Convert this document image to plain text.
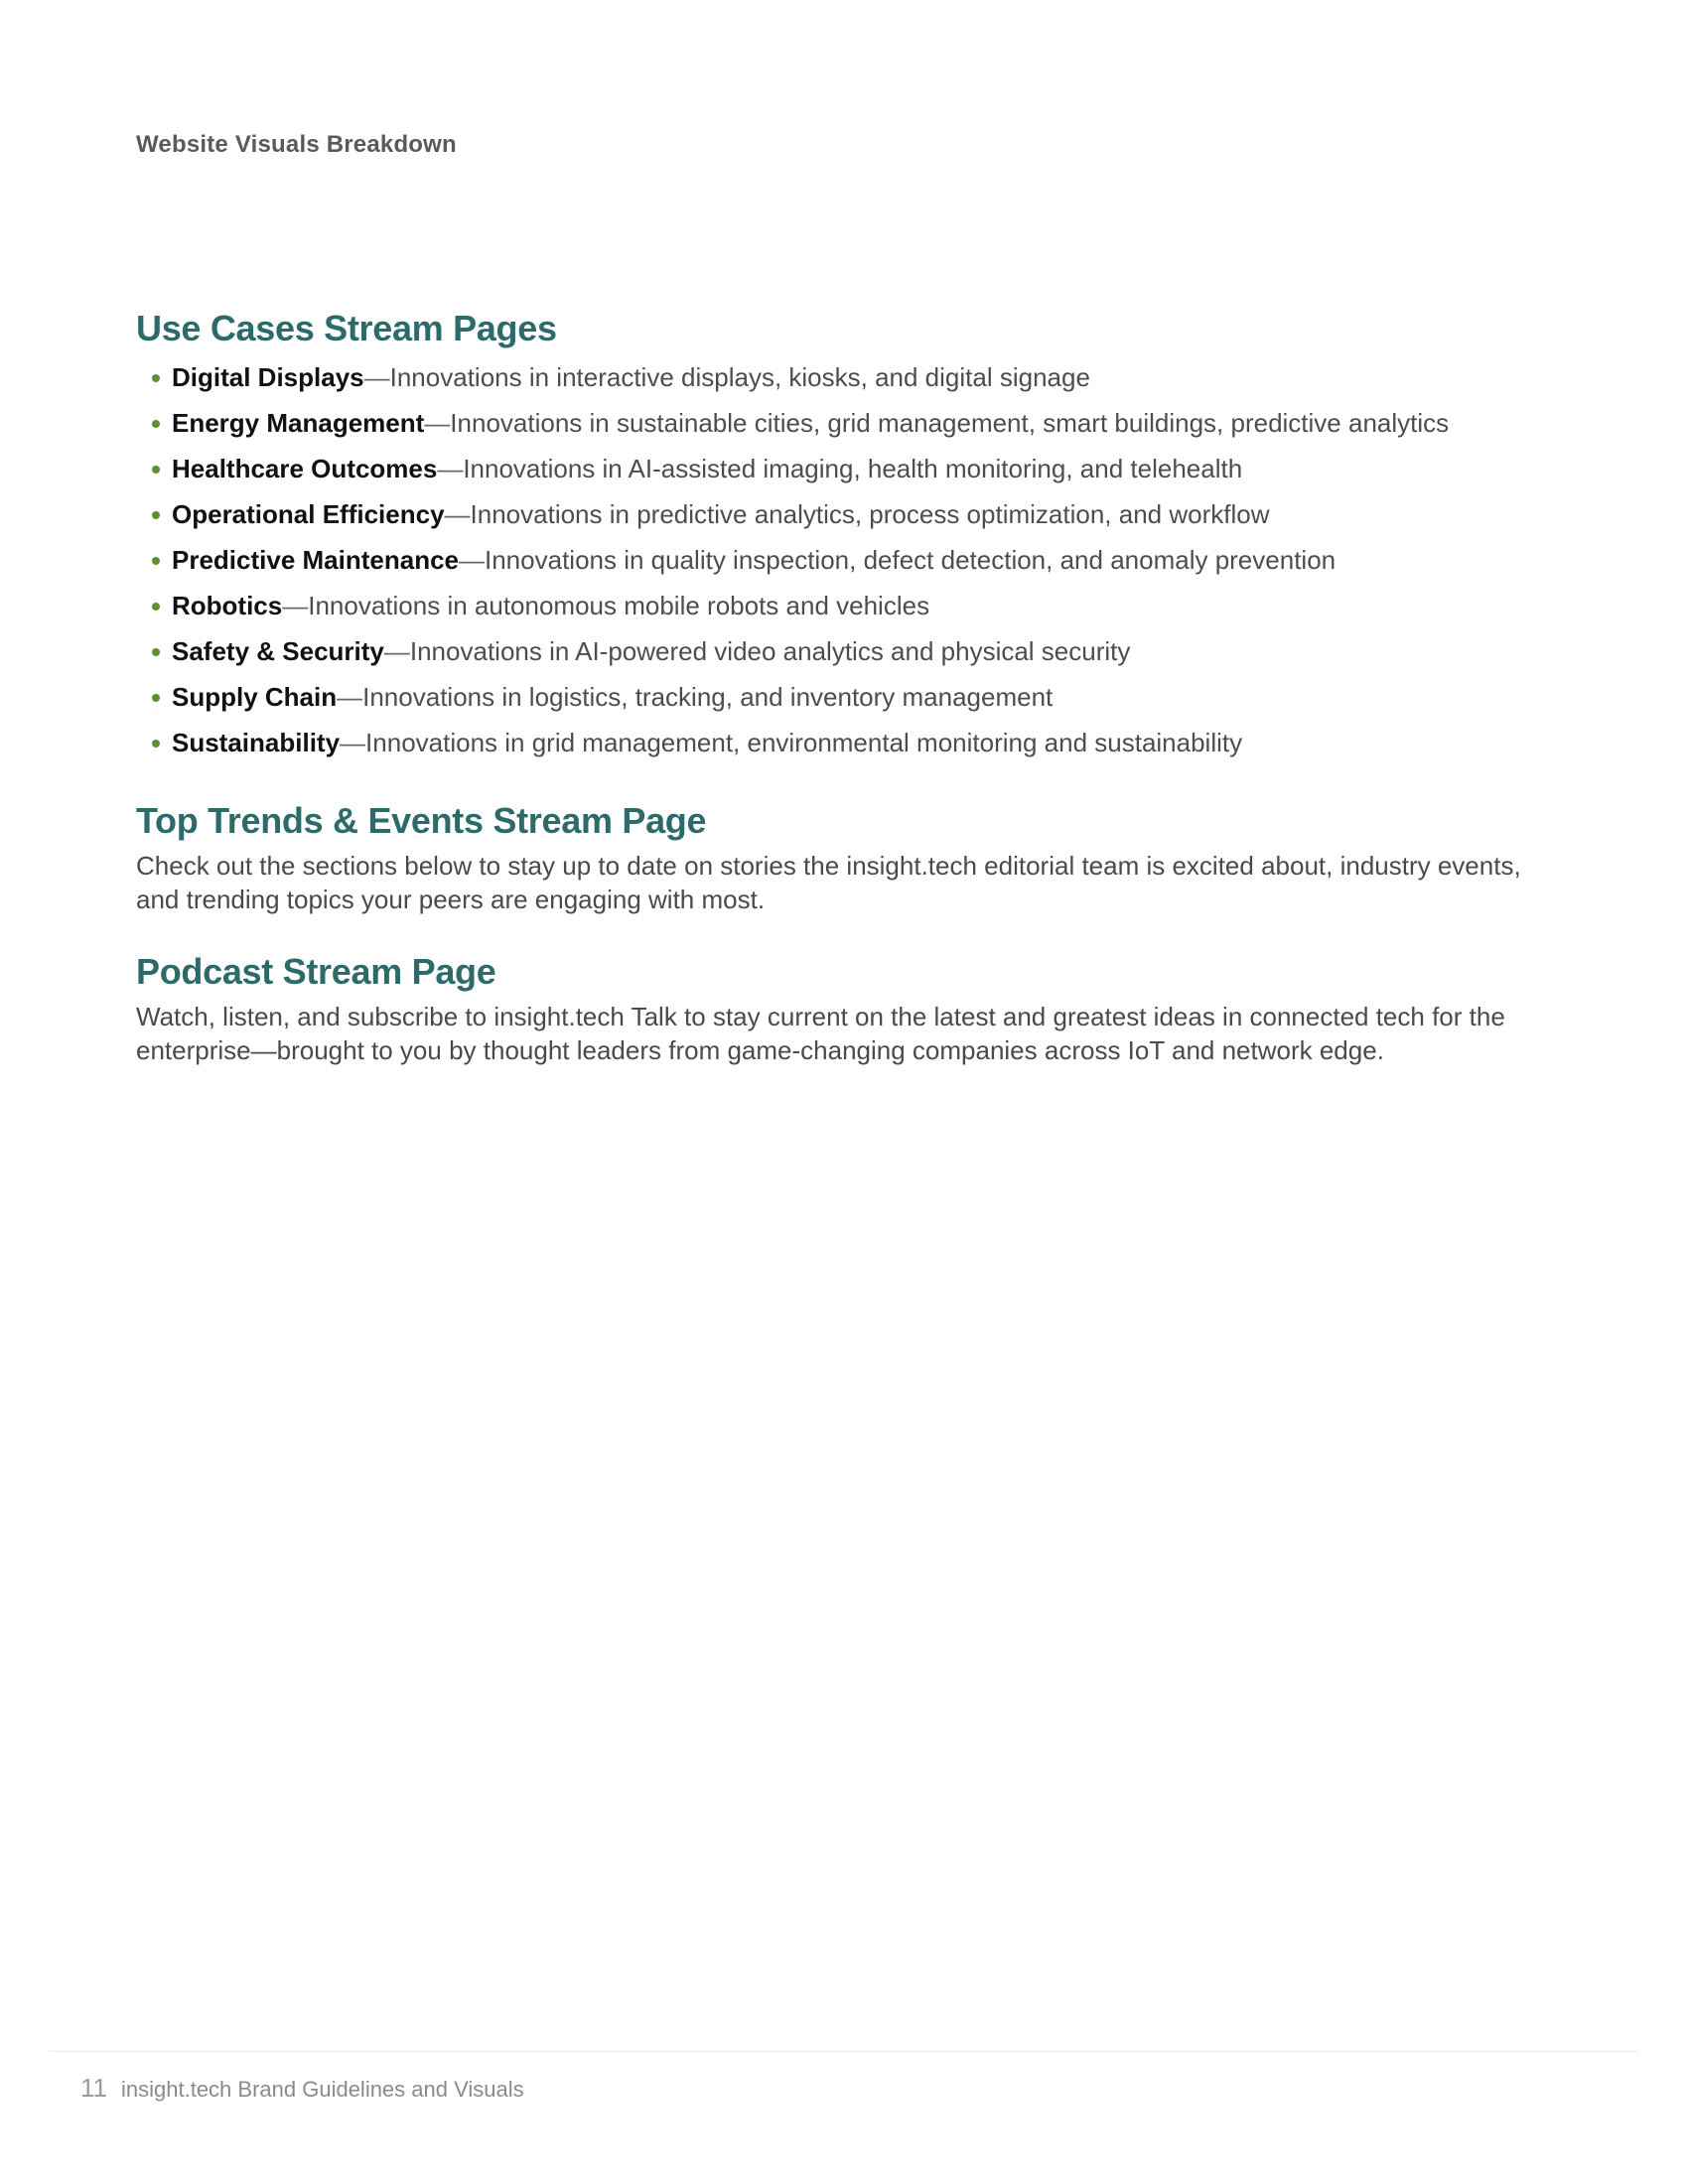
Website Visuals Breakdown
Use Cases Stream Pages
Digital Displays—Innovations in interactive displays, kiosks, and digital signage
Energy Management—Innovations in sustainable cities, grid management, smart buildings, predictive analytics
Healthcare Outcomes—Innovations in AI-assisted imaging, health monitoring, and telehealth
Operational Efficiency—Innovations in predictive analytics, process optimization, and workflow
Predictive Maintenance—Innovations in quality inspection, defect detection, and anomaly prevention
Robotics—Innovations in autonomous mobile robots and vehicles
Safety & Security—Innovations in AI-powered video analytics and physical security
Supply Chain—Innovations in logistics, tracking, and inventory management
Sustainability—Innovations in grid management, environmental monitoring and sustainability
Top Trends & Events Stream Page

Check out the sections below to stay up to date on stories the insight.tech editorial team is excited about, industry events, and trending topics your peers are engaging with most.

Podcast Stream Page

Watch, listen, and subscribe to insight.tech Talk to stay current on the latest and greatest ideas in connected tech for the enterprise—brought to you by thought leaders from game-changing companies across IoT and network edge.

11 insight.tech Brand Guidelines and Visuals
